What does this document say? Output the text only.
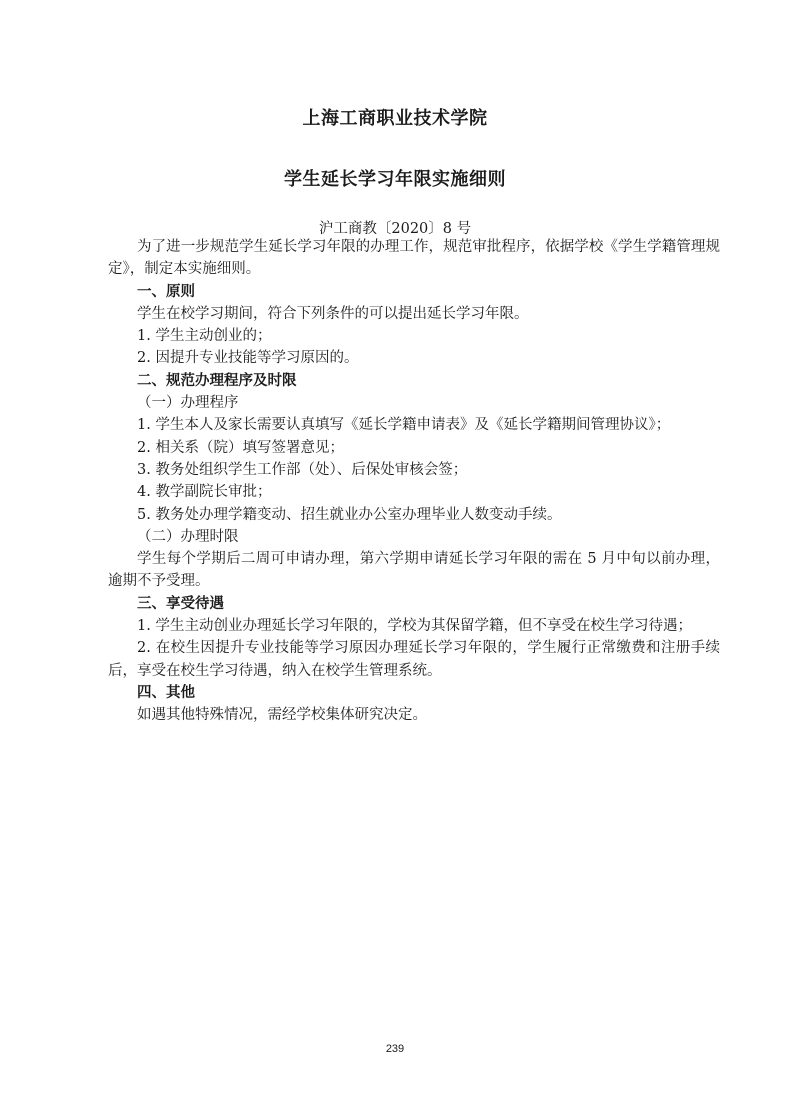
上海工商职业技术学院
学生延长学习年限实施细则
沪工商教〔2020〕8 号

为了进一步规范学生延长学习年限的办理工作，规范审批程序，依据学校《学生学籍管理规定》，制定本实施细则。

一、原则

学生在校学习期间，符合下列条件的可以提出延长学习年限。

1. 学生主动创业的；

2. 因提升专业技能等学习原因的。

二、规范办理程序及时限

（一）办理程序

1. 学生本人及家长需要认真填写《延长学籍申请表》及《延长学籍期间管理协议》；

2. 相关系（院）填写签署意见；

3. 教务处组织学生工作部（处）、后保处审核会签；

4. 教学副院长审批；

5. 教务处办理学籍变动、招生就业办公室办理毕业人数变动手续。

（二）办理时限

学生每个学期后二周可申请办理，第六学期申请延长学习年限的需在 5 月中旬以前办理，逾期不予受理。

三、享受待遇

1. 学生主动创业办理延长学习年限的，学校为其保留学籍，但不享受在校生学习待遇；

2. 在校生因提升专业技能等学习原因办理延长学习年限的，学生履行正常缴费和注册手续后，享受在校生学习待遇，纳入在校学生管理系统。

四、其他

如遇其他特殊情况，需经学校集体研究决定。

239
